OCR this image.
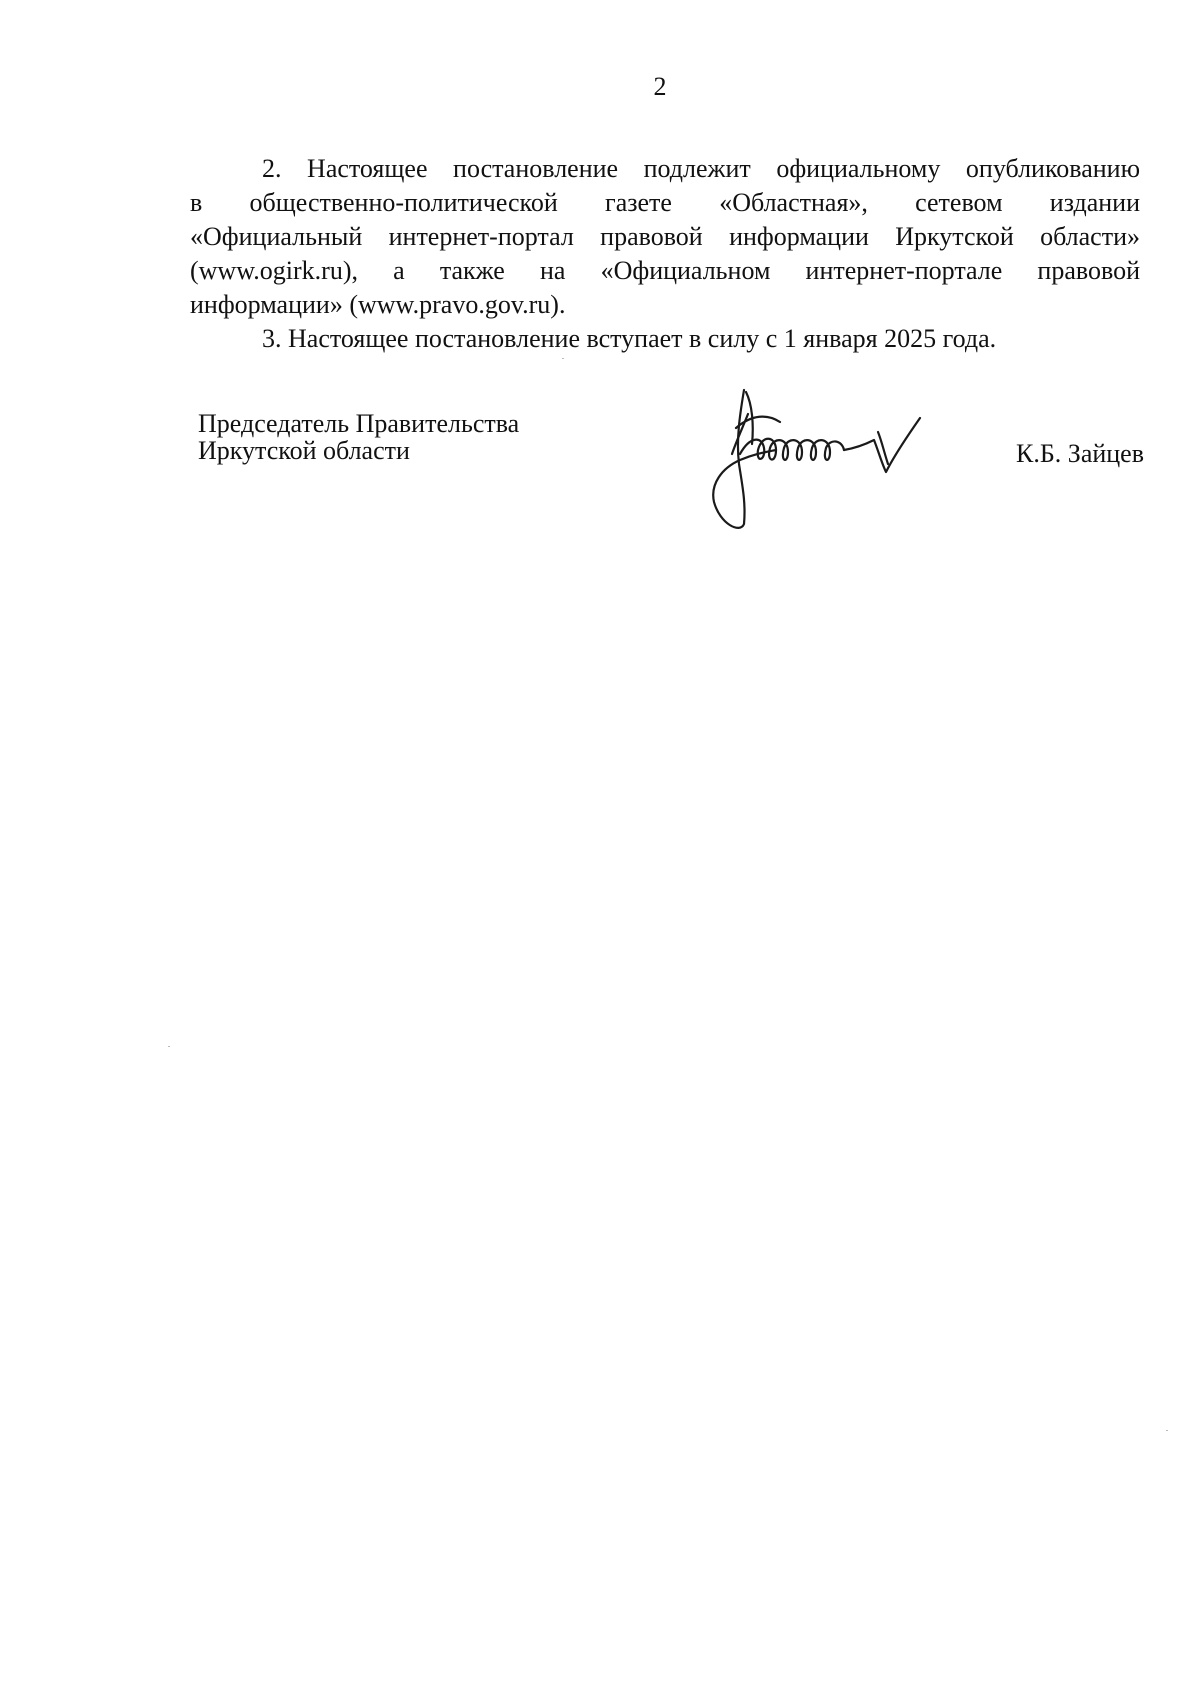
2

2. Настоящее постановление подлежит официальному опубликованию
в общественно-политической газете «Областная», сетевом издании
«Официальный интернет-портал правовой информации Иркутской области»
(www.ogirk.ru), а также на «Официальном интернет-портале правовой
информации» (www.pravo.gov.ru).

3. Настоящее постановление вступает в силу с 1 января 2025 года.

Председатель Правительства
Иркутской области	К.Б. Зайцев
